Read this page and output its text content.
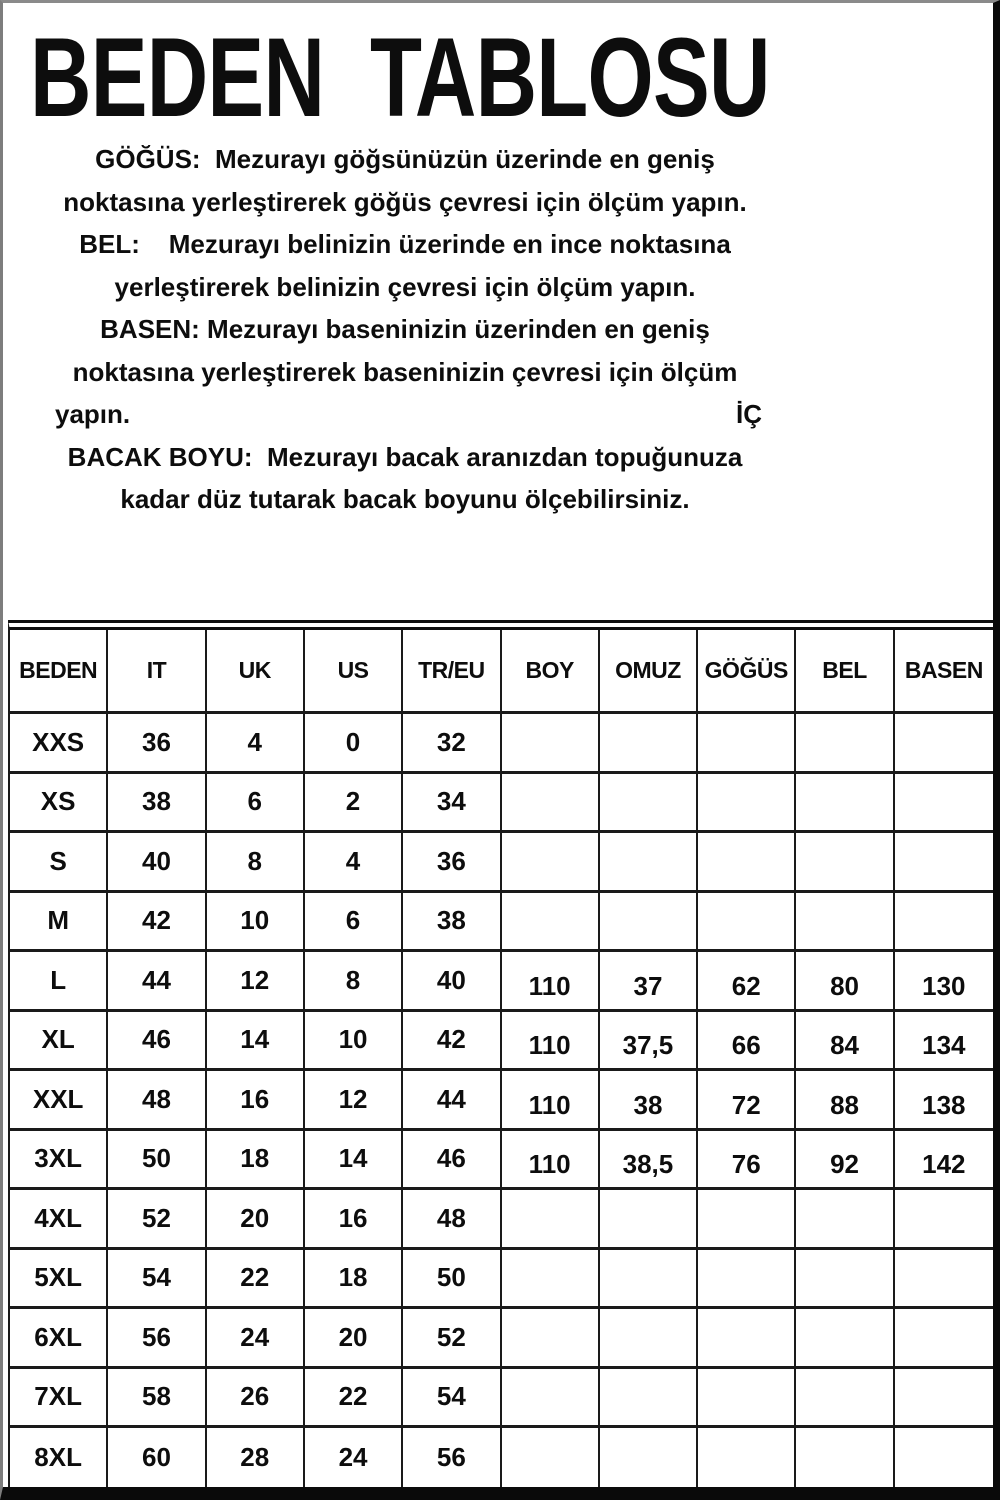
BEDEN  TABLOSU
GÖĞÜS:  Mezurayı göğsünüzün üzerinde en geniş
noktasına yerleştirerek göğüs çevresi için ölçüm yapın.
BEL:    Mezurayı belinizin üzerinde en ince noktasına
yerleştirerek belinizin çevresi için ölçüm yapın.
BASEN: Mezurayı baseninizin üzerinden en geniş
noktasına yerleştirerek baseninizin çevresi için ölçüm
yapın.	İÇ
BACAK BOYU:  Mezurayı bacak aranızdan topuğunuza
kadar düz tutarak bacak boyunu ölçebilirsiniz.
BEDEN	IT	UK	US	TR/EU	BOY	OMUZ	GÖĞÜS	BEL	BASEN
XXS	36	4	0	32
XS	38	6	2	34
S	40	8	4	36
M	42	10	6	38
L	44	12	8	40	110	37	62	80	130
XL	46	14	10	42	110	37,5	66	84	134
XXL	48	16	12	44	110	38	72	88	138
3XL	50	18	14	46	110	38,5	76	92	142
4XL	52	20	16	48
5XL	54	22	18	50
6XL	56	24	20	52
7XL	58	26	22	54
8XL	60	28	24	56
